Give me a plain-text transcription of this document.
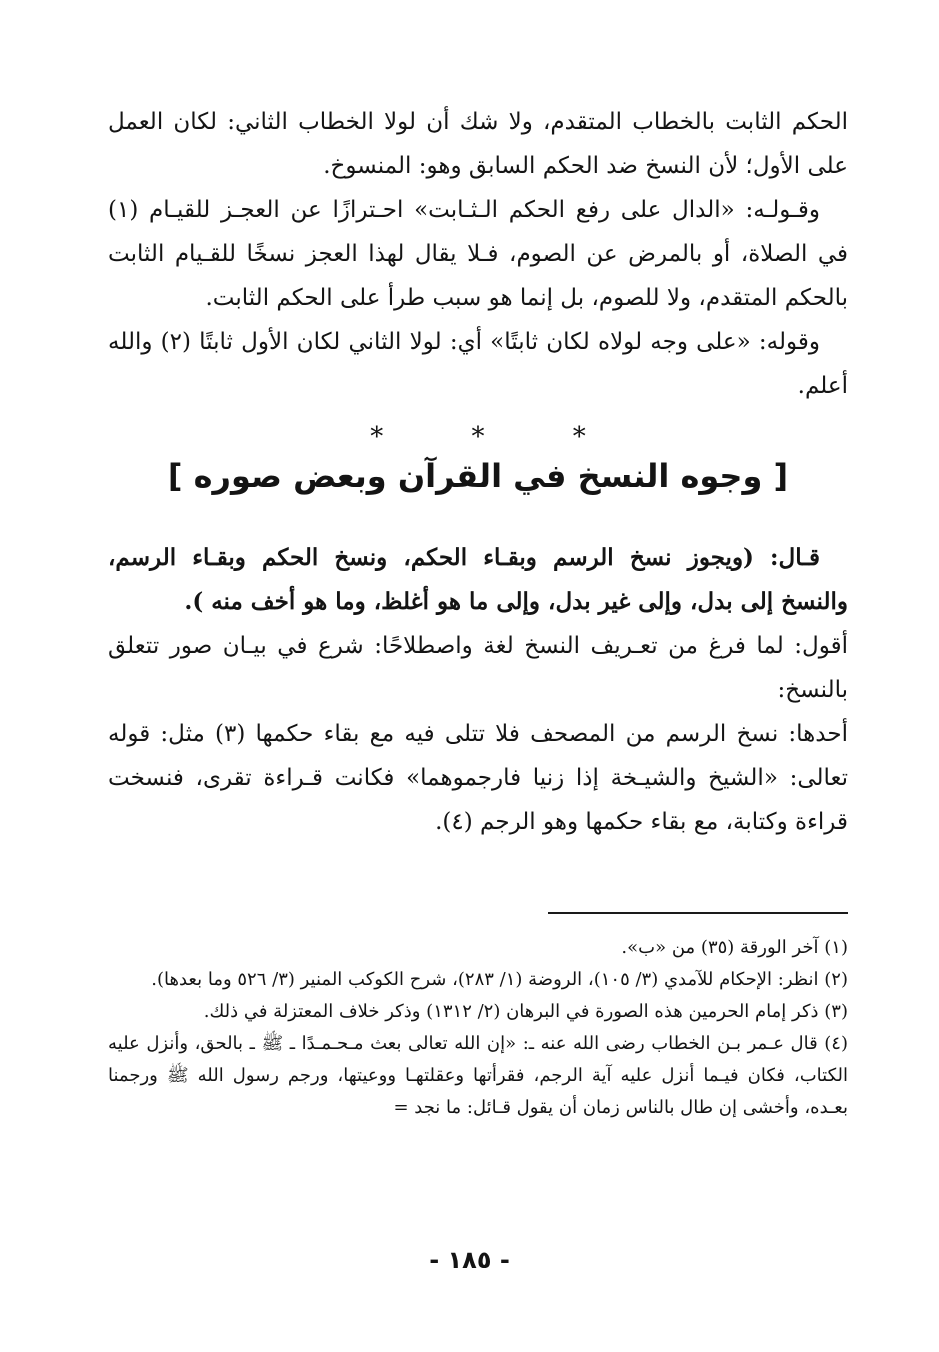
الحكم الثابت بالخطاب المتقدم، ولا شك أن لولا الخطاب الثاني: لكان العمل على الأول؛ لأن النسخ ضد الحكم السابق وهو: المنسوخ.

وقـولـه: «الدال على رفع الحكم الـثـابت» احـترازًا عن العجـز للقيـام (١) في الصلاة، أو بالمرض عن الصوم، فـلا يقال لهذا العجز نسخًا للقـيام الثابت بالحكم المتقدم، ولا للصوم، بل إنما هو سبب طرأ على الحكم الثابت.

وقوله: «على وجه لولاه لكان ثابتًا» أي: لولا الثاني لكان الأول ثابتًا (٢) والله أعلم.

* * *
[ وجوه النسخ في القرآن وبعض صوره ]

قـال: (ويجوز نسخ الرسم وبقـاء الحكم، ونسخ الحكم وبقـاء الرسم، والنسخ إلى بدل، وإلى غير بدل، وإلى ما هو أغلظ، وما هو أخف منه ).

أقول: لما فرغ من تعـريف النسخ لغة واصطلاحًا: شرع في بيـان صور تتعلق بالنسخ:

أحدها: نسخ الرسم من المصحف فلا تتلى فيه مع بقاء حكمها (٣) مثل: قوله تعالى: «الشيخ والشيـخة إذا زنيا فارجموهما» فكانت قـراءة تقرى، فنسخت قراءة وكتابة، مع بقاء حكمها وهو الرجم (٤).

(١) آخر الورقة (٣٥) من «ب».

(٢) انظر: الإحكام للآمدي (٣/ ١٠٥)، الروضة (١/ ٢٨٣)، شرح الكوكب المنير (٣/ ٥٢٦ وما بعدها).

(٣) ذكر إمام الحرمين هذه الصورة في البرهان (٢/ ١٣١٢) وذكر خلاف المعتزلة في ذلك.

(٤) قال عـمر بـن الخطاب رضى الله عنه ـ: «إن الله تعالى بعث مـحـمـدًا ـ ﷺ ـ بالحق، وأنزل عليه الكتاب، فكان فيـما أنزل عليه آية الرجم، فقرأتها وعقلتهـا ووعيتها، ورجم رسول الله ﷺ ورجمنا بعـده، وأخشى إن طال بالناس زمان أن يقول قـائل: ما نجد =

- ١٨٥ -
